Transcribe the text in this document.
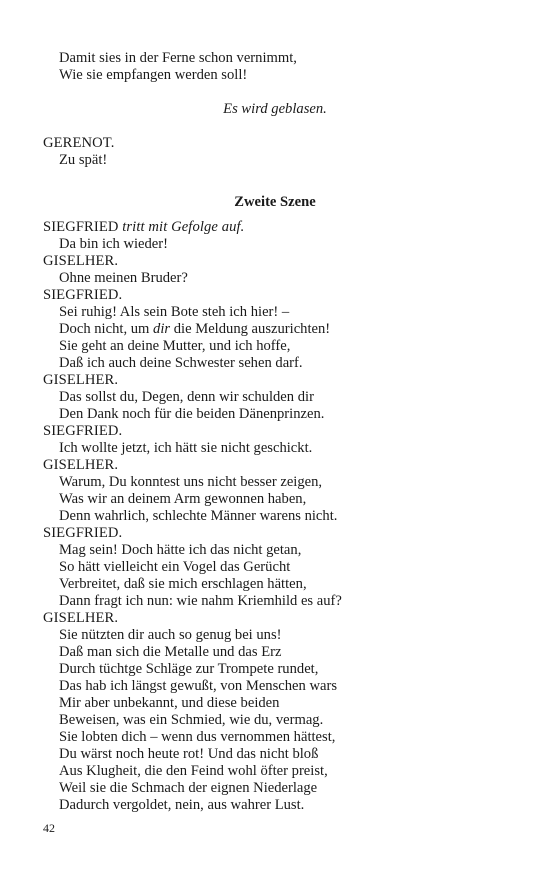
Damit sies in der Ferne schon vernimmt,
Wie sie empfangen werden soll!
Es wird geblasen.
GERENOT.
Zu spät!
Zweite Szene
SIEGFRIED tritt mit Gefolge auf.
Da bin ich wieder!
GISELHER.
Ohne meinen Bruder?
SIEGFRIED.
Sei ruhig! Als sein Bote steh ich hier! –
Doch nicht, um dir die Meldung auszurichten!
Sie geht an deine Mutter, und ich hoffe,
Daß ich auch deine Schwester sehen darf.
GISELHER.
Das sollst du, Degen, denn wir schulden dir
Den Dank noch für die beiden Dänenprinzen.
SIEGFRIED.
Ich wollte jetzt, ich hätt sie nicht geschickt.
GISELHER.
Warum, Du konntest uns nicht besser zeigen,
Was wir an deinem Arm gewonnen haben,
Denn wahrlich, schlechte Männer warens nicht.
SIEGFRIED.
Mag sein! Doch hätte ich das nicht getan,
So hätt vielleicht ein Vogel das Gerücht
Verbreitet, daß sie mich erschlagen hätten,
Dann fragt ich nun: wie nahm Kriemhild es auf?
GISELHER.
Sie nützten dir auch so genug bei uns!
Daß man sich die Metalle und das Erz
Durch tüchtge Schläge zur Trompete rundet,
Das hab ich längst gewußt, von Menschen wars
Mir aber unbekannt, und diese beiden
Beweisen, was ein Schmied, wie du, vermag.
Sie lobten dich – wenn dus vernommen hättest,
Du wärst noch heute rot! Und das nicht bloß
Aus Klugheit, die den Feind wohl öfter preist,
Weil sie die Schmach der eignen Niederlage
Dadurch vergoldet, nein, aus wahrer Lust.
42
